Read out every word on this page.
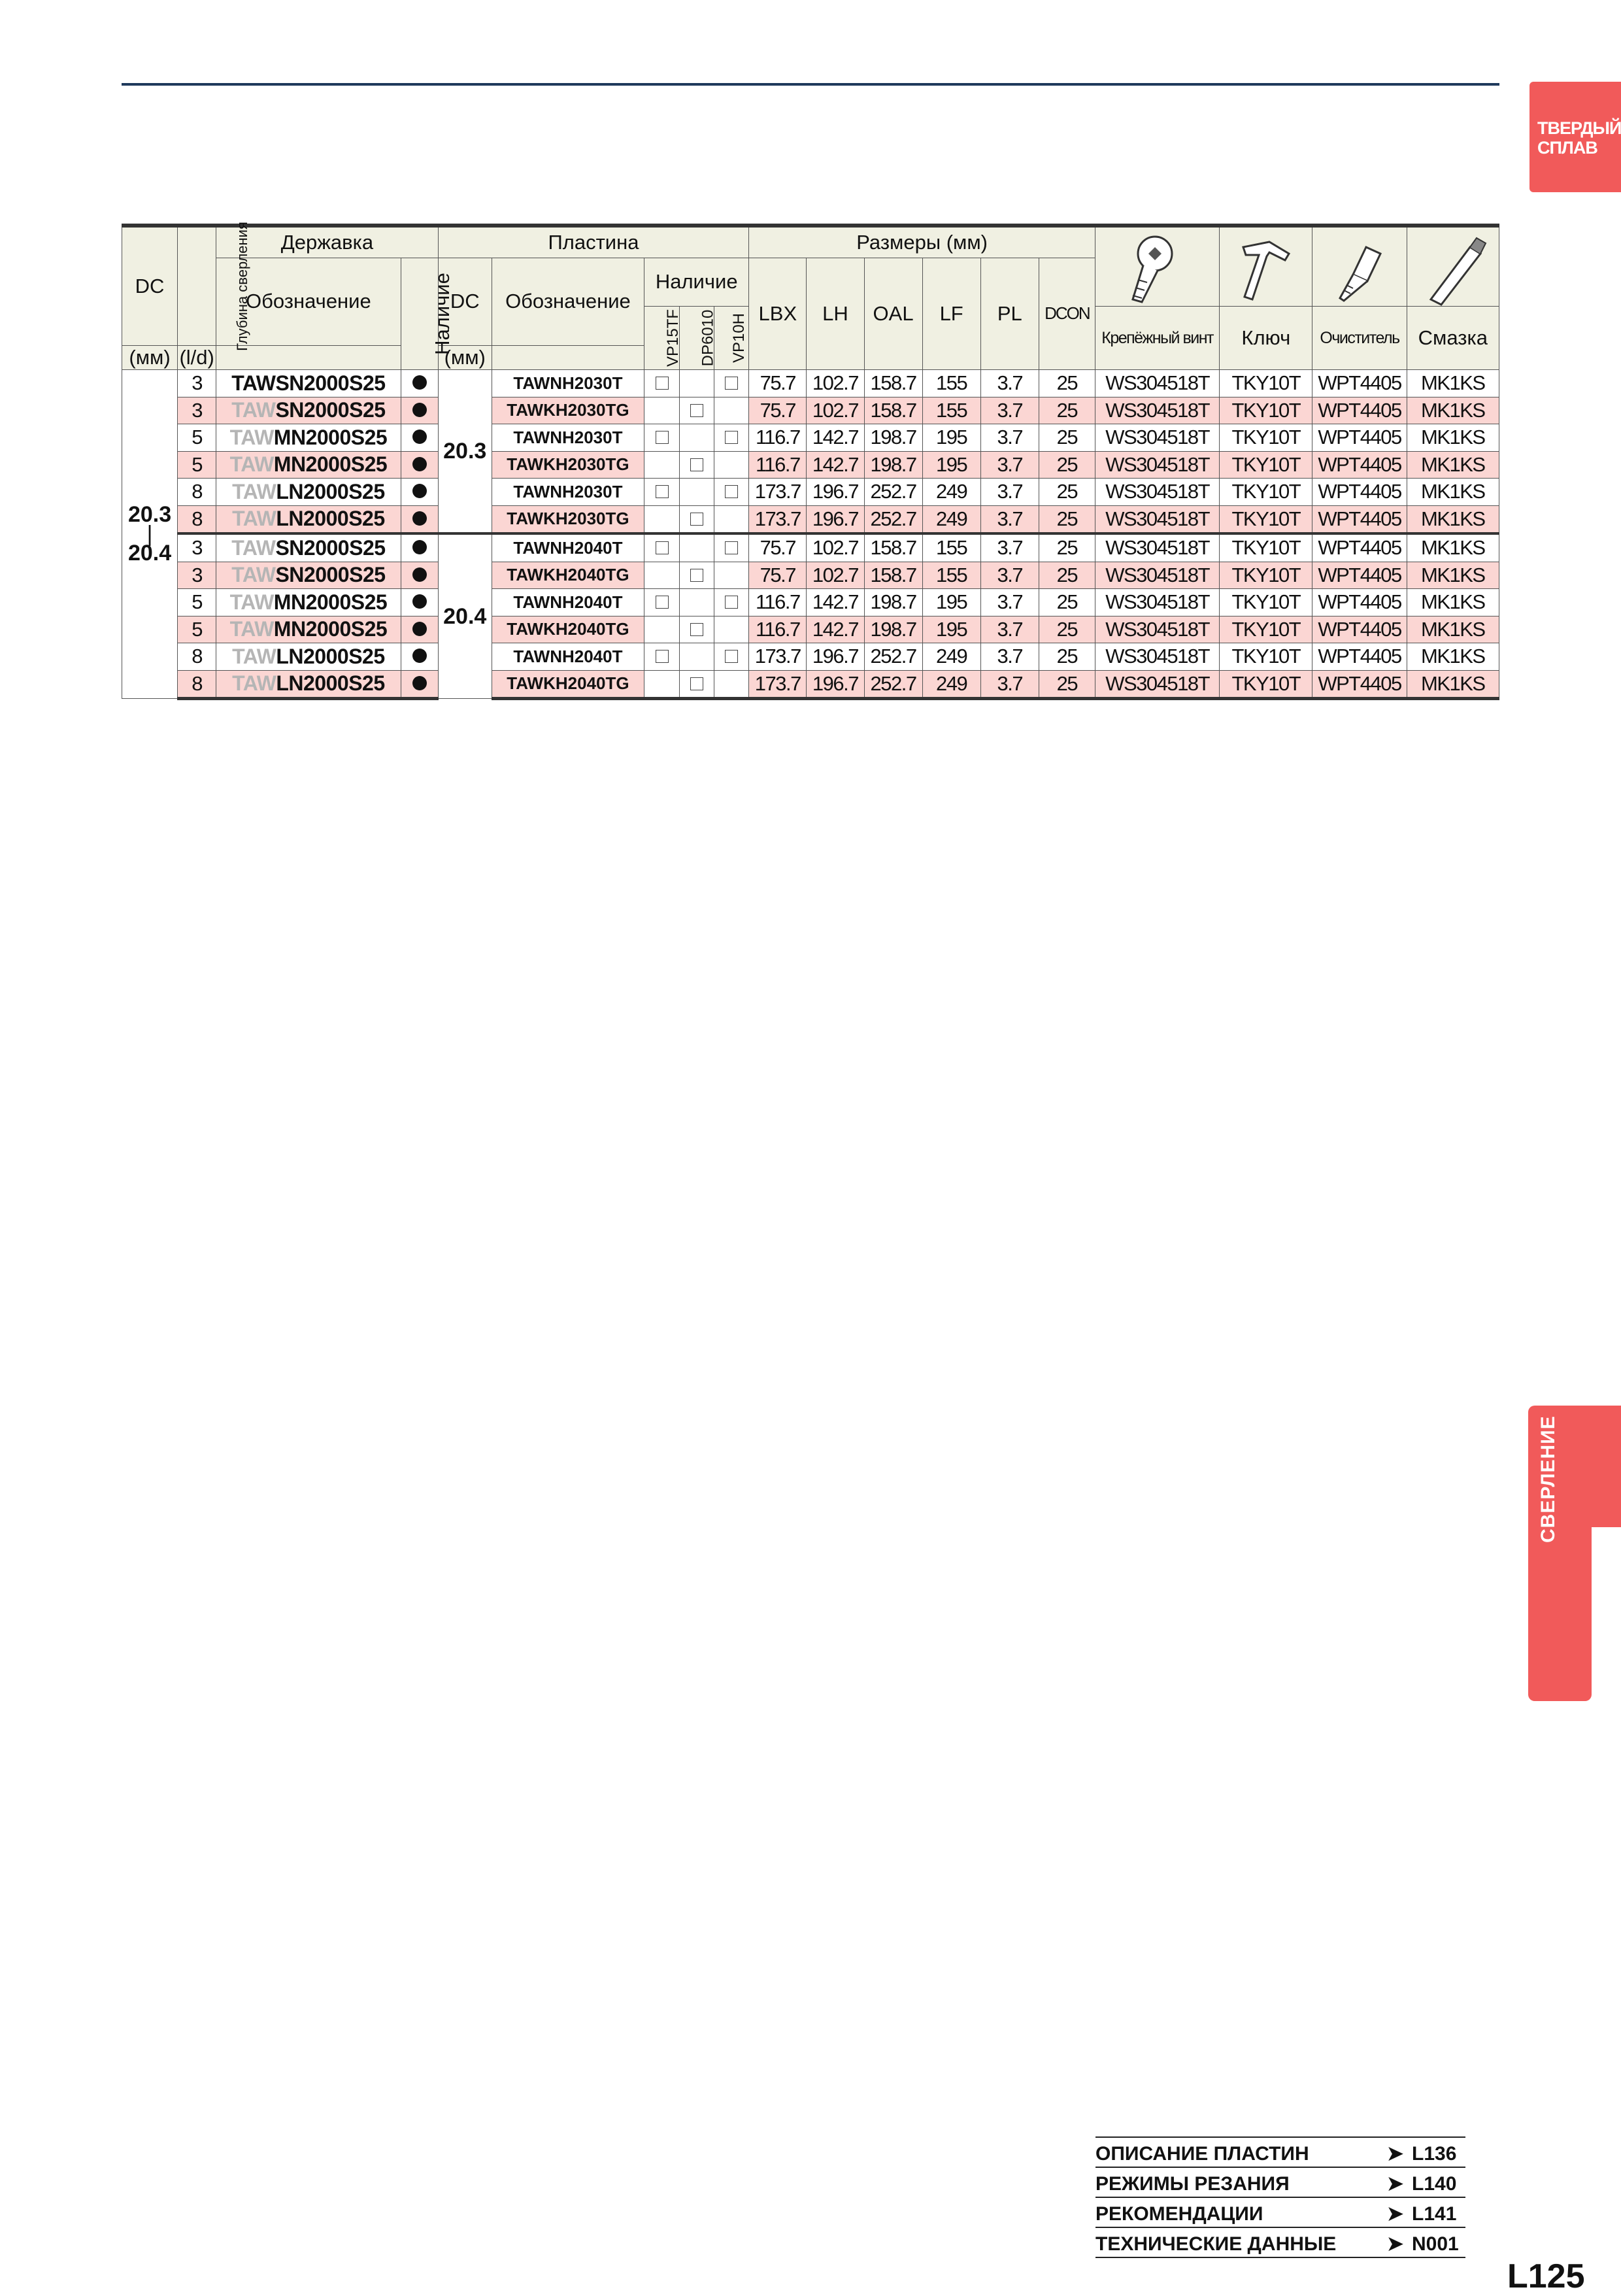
ТВЕРДЫЙ
СПЛАВ
СВЕРЛЕНИЕ
DC	Глубина сверления	Державка		Пластина					Размеры (мм)	

		Обозначение	Наличие	DC	Обозначение	Наличие			LBX	LH	OAL	LF	PL	DCON				
						VP15TF	DP6010	VP10H							Крепёжный винт	Ключ	Очиститель	Смазка
(мм)	(l/d)			(мм)														

20.3
|
20.4	3	TAWSN2000S25		20.3	TAWNH2030T				75.7	102.7	158.7	155	3.7	25	WS304518T	TKY10T	WPT4405	MK1KS
	3	TAWSN2000S25			TAWKH2030TG				75.7	102.7	158.7	155	3.7	25	WS304518T	TKY10T	WPT4405	MK1KS
	5	TAWMN2000S25			TAWNH2030T				116.7	142.7	198.7	195	3.7	25	WS304518T	TKY10T	WPT4405	MK1KS
	5	TAWMN2000S25			TAWKH2030TG				116.7	142.7	198.7	195	3.7	25	WS304518T	TKY10T	WPT4405	MK1KS
	8	TAWLN2000S25			TAWNH2030T				173.7	196.7	252.7	249	3.7	25	WS304518T	TKY10T	WPT4405	MK1KS
	8	TAWLN2000S25			TAWKH2030TG				173.7	196.7	252.7	249	3.7	25	WS304518T	TKY10T	WPT4405	MK1KS
	3	TAWSN2000S25		20.4	TAWNH2040T				75.7	102.7	158.7	155	3.7	25	WS304518T	TKY10T	WPT4405	MK1KS
	3	TAWSN2000S25			TAWKH2040TG				75.7	102.7	158.7	155	3.7	25	WS304518T	TKY10T	WPT4405	MK1KS
	5	TAWMN2000S25			TAWNH2040T				116.7	142.7	198.7	195	3.7	25	WS304518T	TKY10T	WPT4405	MK1KS
	5	TAWMN2000S25			TAWKH2040TG				116.7	142.7	198.7	195	3.7	25	WS304518T	TKY10T	WPT4405	MK1KS
	8	TAWLN2000S25			TAWNH2040T				173.7	196.7	252.7	249	3.7	25	WS304518T	TKY10T	WPT4405	MK1KS
	8	TAWLN2000S25			TAWKH2040TG				173.7	196.7	252.7	249	3.7	25	WS304518T	TKY10T	WPT4405	MK1KS
ОПИСАНИЕ ПЛАСТИН	➤ L136
РЕЖИМЫ РЕЗАНИЯ	➤ L140
РЕКОМЕНДАЦИИ	➤ L141
ТЕХНИЧЕСКИЕ ДАННЫЕ	➤ N001
L125
